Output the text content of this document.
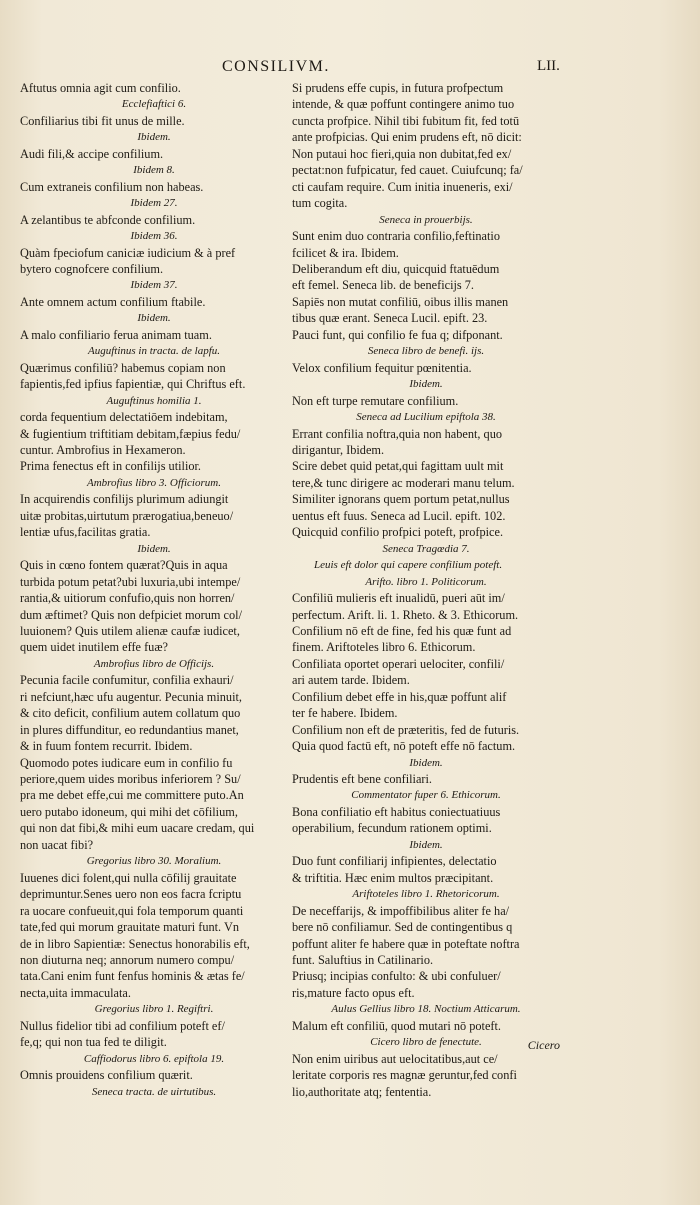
CONSILIVM.	LII.
Aftutus omnia agit cum confilio.
Ecclefiaftici 6.
Confiliarius tibi fit unus de mille.
Ibidem.
Audi fili,& accipe confilium.
Ibidem 8.
Cum extraneis confilium non habeas.
Ibidem 27.
A zelantibus te abfconde confilium.
Ibidem 36.
Quàm fpeciofum caniciæ iudicium & à pref
bytero cognofcere confilium.
Ibidem 37.
Ante omnem actum confilium ftabile.
Ibidem.
A malo confiliario ferua animam tuam.
Auguftinus in tracta. de lapfu.
Quærimus confiliū? habemus copiam non
fapientis,fed ipfius fapientiæ, qui Chriftus eft.
Auguftinus homilia 1.
corda fequentium delectatiōem indebitam,
& fugientium triftitiam debitam,fæpius fedu/
cuntur. Ambrofius in Hexameron.
Prima fenectus eft in confilijs utilior.
Ambrofius libro 3. Officiorum.
In acquirendis confilijs plurimum adiungit
uitæ probitas,uirtutum prærogatiua,beneuo/
lentiæ ufus,facilitas gratia.
Ibidem.
Quis in cœno fontem quærat?Quis in aqua
turbida potum petat?ubi luxuria,ubi intempe/
rantia,& uitiorum confufio,quis non horren/
dum æftimet? Quis non defpiciet morum col/
luuionem? Quis utilem alienæ caufæ iudicet,
quem uidet inutilem effe fuæ?
Ambrofius libro de Officijs.
Pecunia facile confumitur, confilia exhauri/
ri nefciunt,hæc ufu augentur. Pecunia minuit,
& cito deficit, confilium autem collatum quo
in plures diffunditur, eo redundantius manet,
& in fuum fontem recurrit. Ibidem.
Quomodo potes iudicare eum in confilio fu
periore,quem uides moribus inferiorem ? Su/
pra me debet effe,cui me committere puto.An
uero putabo idoneum, qui mihi det cōfilium,
qui non dat fibi,& mihi eum uacare credam, qui
non uacat fibi?
Gregorius libro 30. Moralium.
Iuuenes dici folent,qui nulla cōfilij grauitate
deprimuntur.Senes uero non eos facra fcriptu
ra uocare confueuit,qui fola temporum quanti
tate,fed qui morum grauitate maturi funt. Vn
de in libro Sapientiæ: Senectus honorabilis eft,
non diuturna neq; annorum numero compu/
tata.Cani enim funt fenfus hominis & ætas fe/
necta,uita immaculata.
Gregorius libro 1. Regiftri.
Nullus fidelior tibi ad confilium poteft ef/
fe,q; qui non tua fed te diligit.
Caffiodorus libro 6. epiftola 19.
Omnis prouidens confilium quærit.
Seneca tracta. de uirtutibus.
Si prudens effe cupis, in futura profpectum
intende, & quæ poffunt contingere animo tuo
cuncta profpice. Nihil tibi fubitum fit, fed totū
ante profpicias. Qui enim prudens eft, nō dicit:
Non putaui hoc fieri,quia non dubitat,fed ex/
pectat:non fufpicatur, fed cauet. Cuiufcunq; fa/
cti caufam require. Cum initia inueneris, exi/
tum cogita.
Seneca in prouerbijs.
Sunt enim duo contraria confilio,feftinatio
fcilicet & ira. Ibidem.
Deliberandum eft diu, quicquid ftatuēdum
eft femel. Seneca lib. de beneficijs 7.
Sapiēs non mutat confiliū, oibus illis manen
tibus quæ erant. Seneca Lucil. epift. 23.
Pauci funt, qui confilio fe fua q; difponant.
Seneca libro de benefi. ijs.
Velox confilium fequitur pœnitentia.
Ibidem.
Non eft turpe remutare confilium.
Seneca ad Lucilium epiftola 38.
Errant confilia noftra,quia non habent, quo
dirigantur, Ibidem.
Scire debet quid petat,qui fagittam uult mit
tere,& tunc dirigere ac moderari manu telum.
Similiter ignorans quem portum petat,nullus
uentus eft fuus. Seneca ad Lucil. epift. 102.
Quicquid confilio profpici poteft, profpice.
Seneca Tragœdia 7.
Leuis eft dolor qui capere confilium poteft.
Arifto. libro 1. Politicorum.
Confiliū mulieris eft inualidū, pueri aūt im/
perfectum. Arift. li. 1. Rheto. & 3. Ethicorum.
Confilium nō eft de fine, fed his quæ funt ad
finem. Ariftoteles libro 6. Ethicorum.
Confiliata oportet operari uelociter, confili/
ari autem tarde. Ibidem.
Confilium debet effe in his,quæ poffunt alif
ter fe habere. Ibidem.
Confilium non eft de præteritis, fed de futuris.
Quia quod factū eft, nō poteft effe nō factum.
Ibidem.
Prudentis eft bene confiliari.
Commentator fuper 6. Ethicorum.
Bona confiliatio eft habitus coniectuatiuus
operabilium, fecundum rationem optimi.
Ibidem.
Duo funt confiliarij infipientes, delectatio
& triftitia. Hæc enim multos præcipitant.
Ariftoteles libro 1. Rhetoricorum.
De neceffarijs, & impoffibilibus aliter fe ha/
bere nō confiliamur. Sed de contingentibus q
poffunt aliter fe habere quæ in poteftate noftra
funt. Saluftius in Catilinario.
Priusq; incipias confulto: & ubi confuluer/
ris,mature facto opus eft.
Aulus Gellius libro 18. Noctium Atticarum.
Malum eft confiliū, quod mutari nō poteft.
Cicero libro de fenectute.
Non enim uiribus aut uelocitatibus,aut ce/
leritate corporis res magnæ geruntur,fed confi
lio,authoritate atq; fententia.
Cicero
